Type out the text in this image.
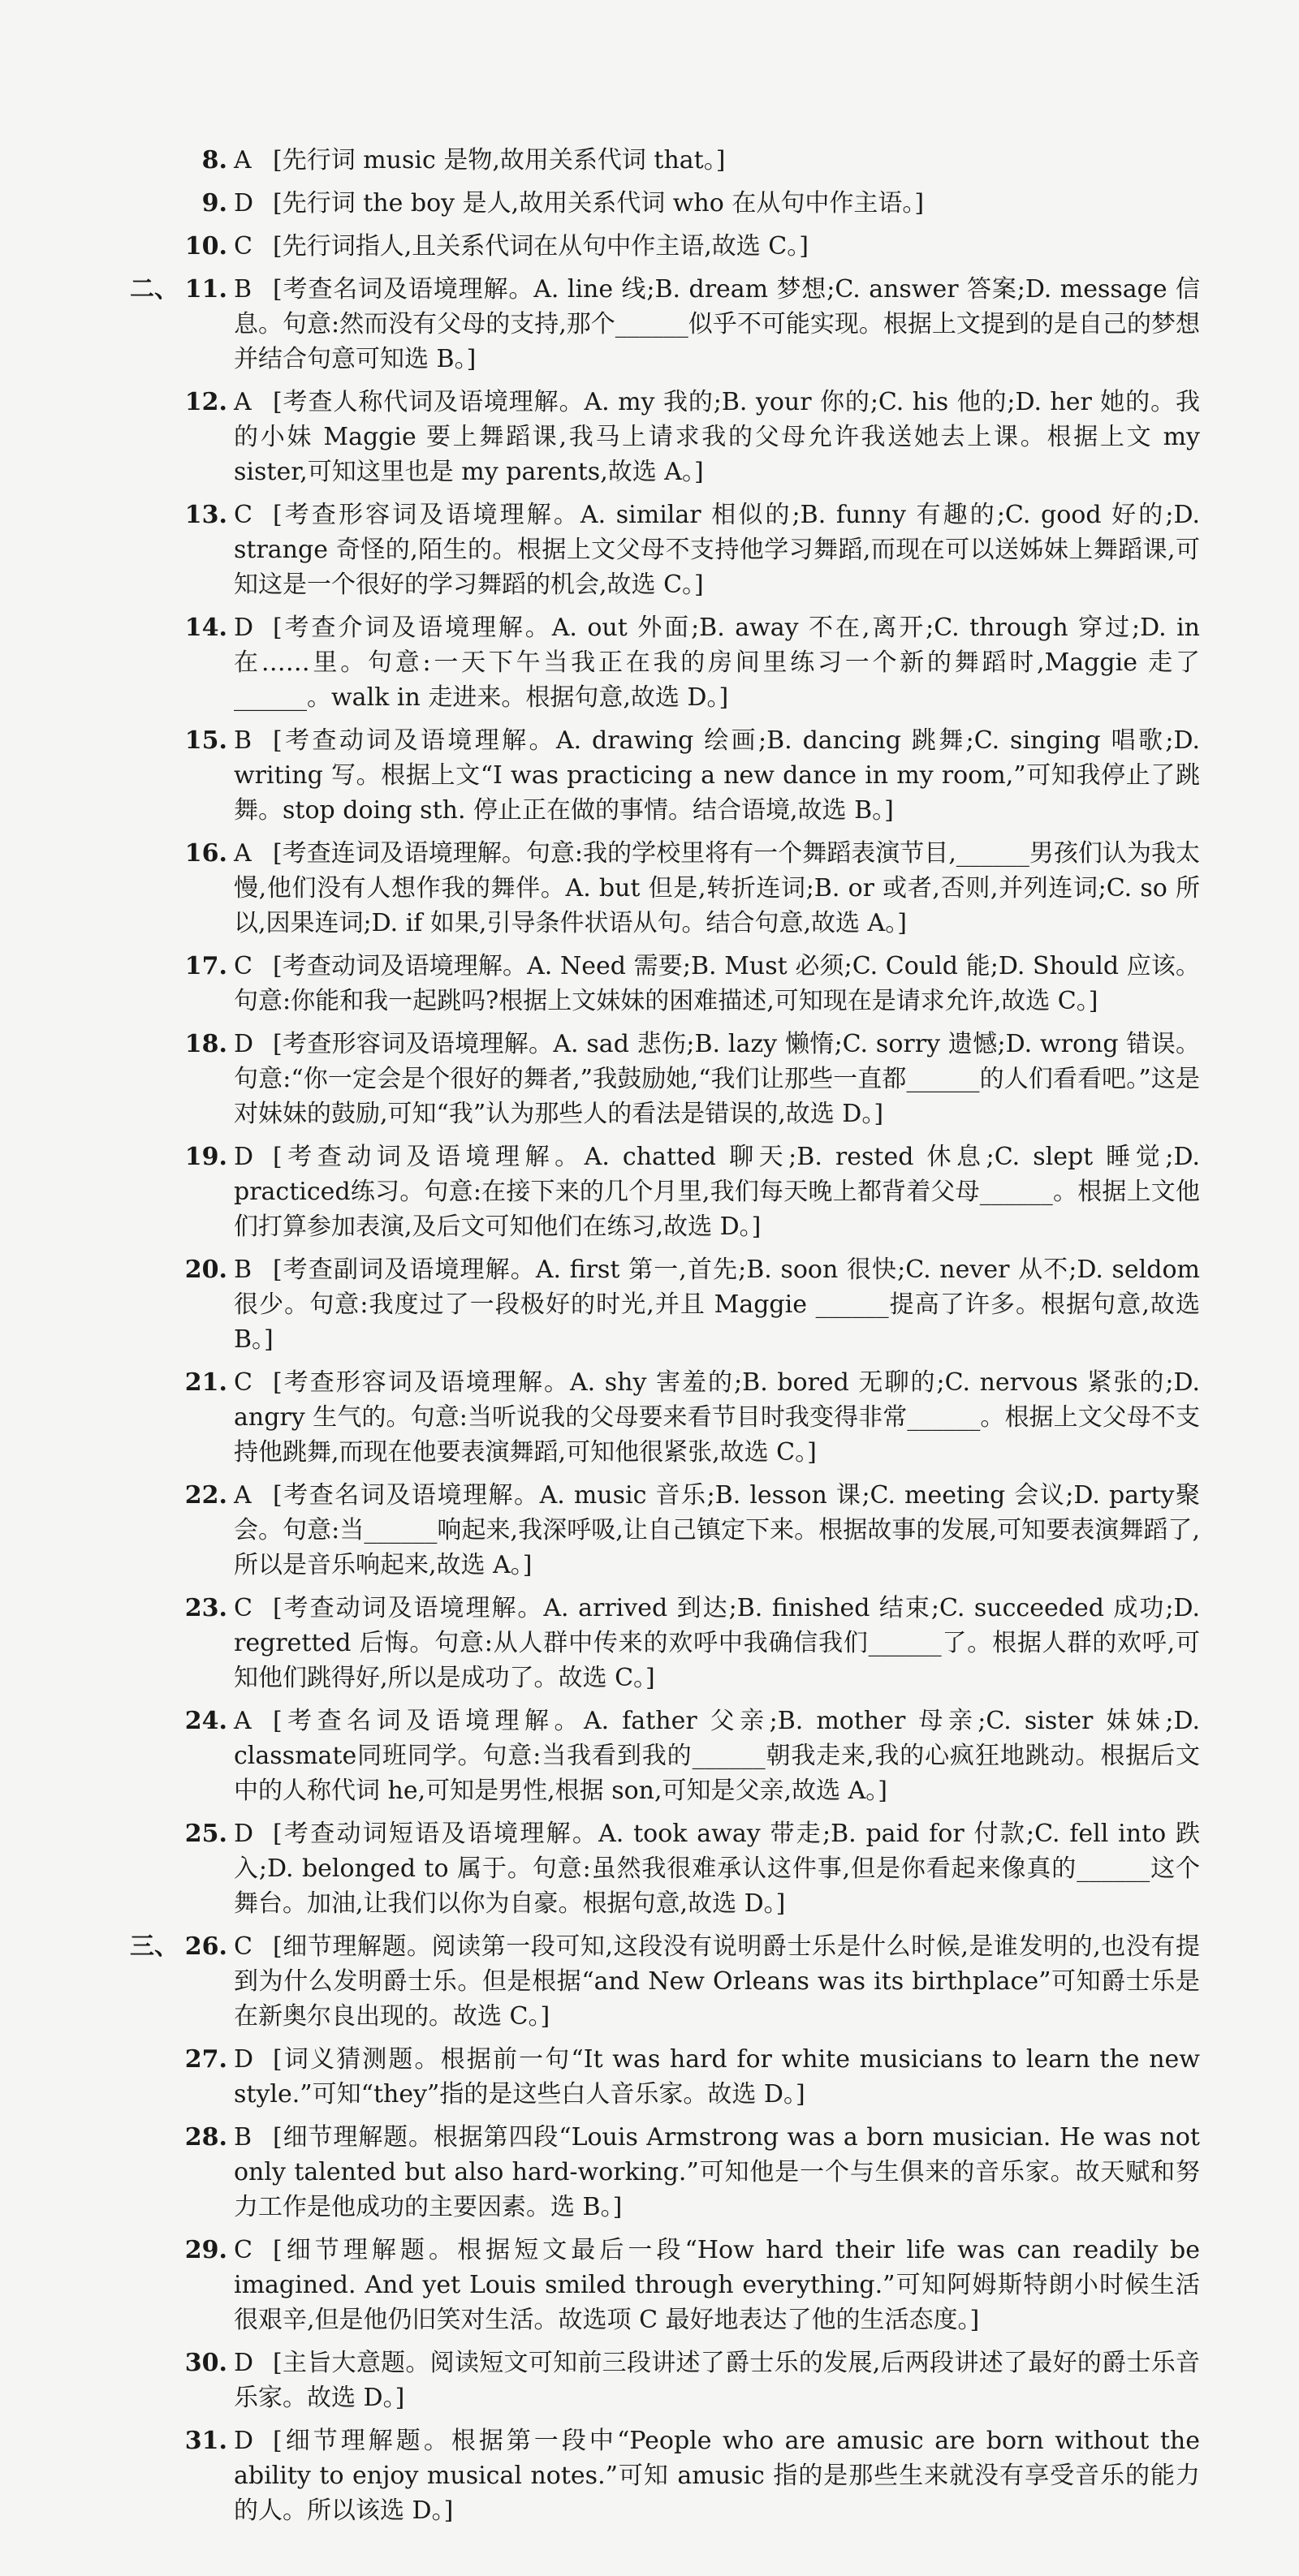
8. A [先行词 music 是物,故用关系代词 that。]
9. D [先行词 the boy 是人,故用关系代词 who 在从句中作主语。]
10. C [先行词指人,且关系代词在从句中作主语,故选 C。]
二、 11. B [考查名词及语境理解。A. line 线;B. dream 梦想;C. answer 答案;D. message 信息。句意:然而没有父母的支持,那个______似乎不可能实现。根据上文提到的是自己的梦想并结合句意可知选 B。]
12. A [考查人称代词及语境理解。A. my 我的;B. your 你的;C. his 他的;D. her 她的。我的小妹 Maggie 要上舞蹈课,我马上请求我的父母允许我送她去上课。根据上文 my sister,可知这里也是 my parents,故选 A。]
13. C [考查形容词及语境理解。A. similar 相似的;B. funny 有趣的;C. good 好的;D. strange 奇怪的,陌生的。根据上文父母不支持他学习舞蹈,而现在可以送姊妹上舞蹈课,可知这是一个很好的学习舞蹈的机会,故选 C。]
14. D [考查介词及语境理解。A. out 外面;B. away 不在,离开;C. through 穿过;D. in 在……里。句意:一天下午当我正在我的房间里练习一个新的舞蹈时,Maggie 走了______。walk in 走进来。根据句意,故选 D。]
15. B [考查动词及语境理解。A. drawing 绘画;B. dancing 跳舞;C. singing 唱歌;D. writing 写。根据上文“I was practicing a new dance in my room,”可知我停止了跳舞。stop doing sth. 停止正在做的事情。结合语境,故选 B。]
16. A [考查连词及语境理解。句意:我的学校里将有一个舞蹈表演节目,______男孩们认为我太慢,他们没有人想作我的舞伴。A. but 但是,转折连词;B. or 或者,否则,并列连词;C. so 所以,因果连词;D. if 如果,引导条件状语从句。结合句意,故选 A。]
17. C [考查动词及语境理解。A. Need 需要;B. Must 必须;C. Could 能;D. Should 应该。句意:你能和我一起跳吗?根据上文妹妹的困难描述,可知现在是请求允许,故选 C。]
18. D [考查形容词及语境理解。A. sad 悲伤;B. lazy 懒惰;C. sorry 遗憾;D. wrong 错误。句意:“你一定会是个很好的舞者,”我鼓励她,“我们让那些一直都______的人们看看吧。”这是对妹妹的鼓励,可知“我”认为那些人的看法是错误的,故选 D。]
19. D [考查动词及语境理解。A. chatted 聊天;B. rested 休息;C. slept 睡觉;D. practiced练习。句意:在接下来的几个月里,我们每天晚上都背着父母______。根据上文他们打算参加表演,及后文可知他们在练习,故选 D。]
20. B [考查副词及语境理解。A. first 第一,首先;B. soon 很快;C. never 从不;D. seldom很少。句意:我度过了一段极好的时光,并且 Maggie ______提高了许多。根据句意,故选 B。]
21. C [考查形容词及语境理解。A. shy 害羞的;B. bored 无聊的;C. nervous 紧张的;D. angry 生气的。句意:当听说我的父母要来看节目时我变得非常______。根据上文父母不支持他跳舞,而现在他要表演舞蹈,可知他很紧张,故选 C。]
22. A [考查名词及语境理解。A. music 音乐;B. lesson 课;C. meeting 会议;D. party聚会。句意:当______响起来,我深呼吸,让自己镇定下来。根据故事的发展,可知要表演舞蹈了,所以是音乐响起来,故选 A。]
23. C [考查动词及语境理解。A. arrived 到达;B. finished 结束;C. succeeded 成功;D. regretted 后悔。句意:从人群中传来的欢呼中我确信我们______了。根据人群的欢呼,可知他们跳得好,所以是成功了。故选 C。]
24. A [考查名词及语境理解。A. father 父亲;B. mother 母亲;C. sister 妹妹;D. classmate同班同学。句意:当我看到我的______朝我走来,我的心疯狂地跳动。根据后文中的人称代词 he,可知是男性,根据 son,可知是父亲,故选 A。]
25. D [考查动词短语及语境理解。A. took away 带走;B. paid for 付款;C. fell into 跌入;D. belonged to 属于。句意:虽然我很难承认这件事,但是你看起来像真的______这个舞台。加油,让我们以你为自豪。根据句意,故选 D。]
三、 26. C [细节理解题。阅读第一段可知,这段没有说明爵士乐是什么时候,是谁发明的,也没有提到为什么发明爵士乐。但是根据“and New Orleans was its birthplace”可知爵士乐是在新奥尔良出现的。故选 C。]
27. D [词义猜测题。根据前一句“It was hard for white musicians to learn the new style.”可知“they”指的是这些白人音乐家。故选 D。]
28. B [细节理解题。根据第四段“Louis Armstrong was a born musician. He was not only talented but also hard-working.”可知他是一个与生俱来的音乐家。故天赋和努力工作是他成功的主要因素。选 B。]
29. C [细节理解题。根据短文最后一段“How hard their life was can readily be imagined. And yet Louis smiled through everything.”可知阿姆斯特朗小时候生活很艰辛,但是他仍旧笑对生活。故选项 C 最好地表达了他的生活态度。]
30. D [主旨大意题。阅读短文可知前三段讲述了爵士乐的发展,后两段讲述了最好的爵士乐音乐家。故选 D。]
31. D [细节理解题。根据第一段中“People who are amusic are born without the ability to enjoy musical notes.”可知 amusic 指的是那些生来就没有享受音乐的能力的人。所以该选 D。]
